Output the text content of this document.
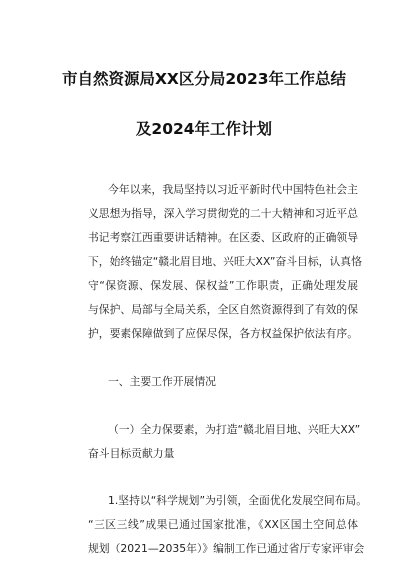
市自然资源局XX区分局2023年工作总结
及2024年工作计划
今年以来，我局坚持以习近平新时代中国特色社会主
义思想为指导，深入学习贯彻党的二十大精神和习近平总
书记考察江西重要讲话精神。在区委、区政府的正确领导
下，始终锚定“赣北眉目地、兴旺大XX”奋斗目标，认真恪
守“保资源、保发展、保权益”工作职责，正确处理发展
与保护、局部与全局关系，全区自然资源得到了有效的保
护，要素保障做到了应保尽保，各方权益保护依法有序。
一、主要工作开展情况
（一）全力保要素，为打造“赣北眉目地、兴旺大XX”
奋斗目标贡献力量
1.坚持以“科学规划”为引领，全面优化发展空间布局。
“三区三线”成果已通过国家批准，《XX区国土空间总体
规划（2021—2035年）》编制工作已通过省厅专家评审会
